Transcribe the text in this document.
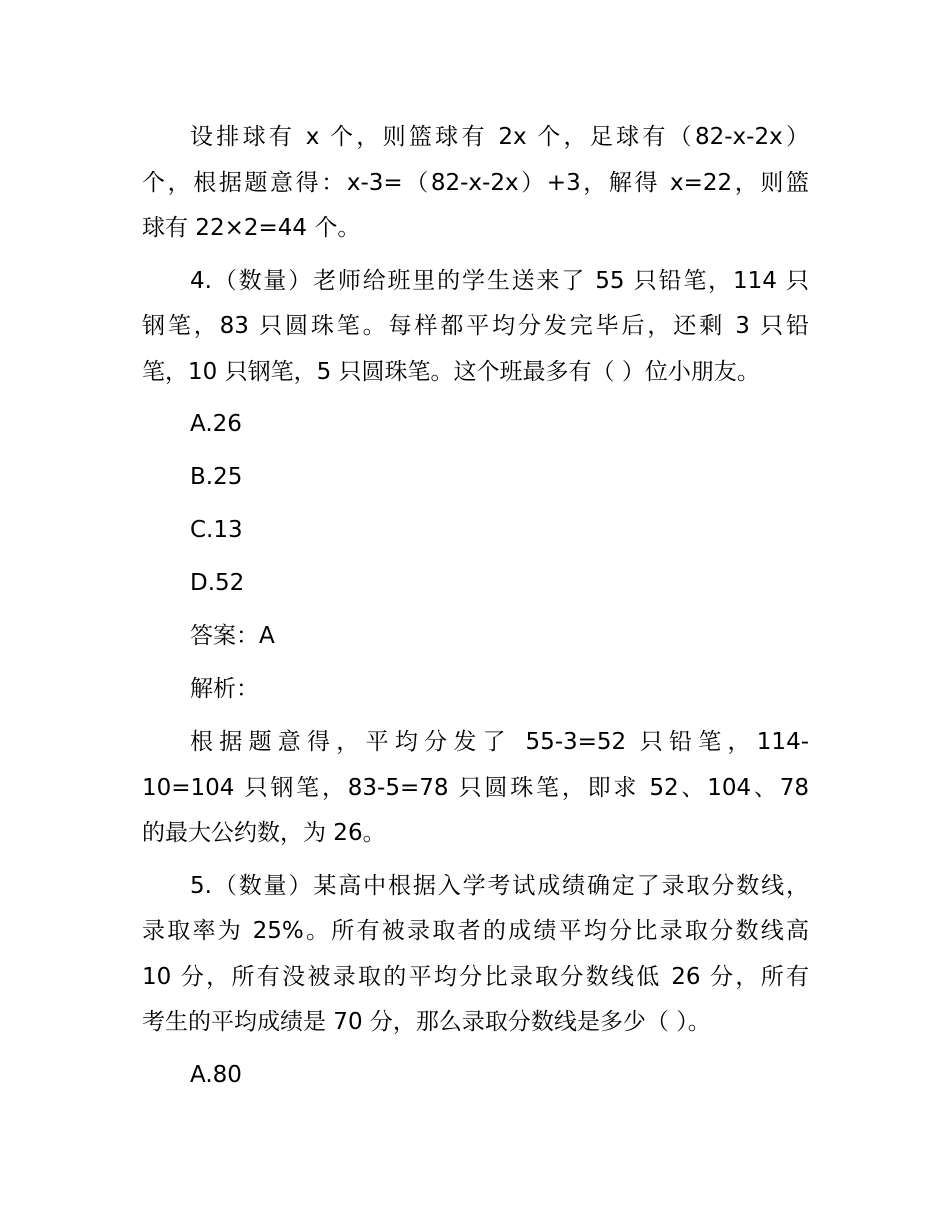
设排球有 x 个，则篮球有 2x 个，足球有（82-x-2x）
个，根据题意得：x-3=（82-x-2x）+3，解得 x=22，则篮
球有 22×2=44 个。
4.（数量）老师给班里的学生送来了 55 只铅笔，114 只
钢笔，83 只圆珠笔。每样都平均分发完毕后，还剩 3 只铅
笔，10 只钢笔，5 只圆珠笔。这个班最多有（ ）位小朋友。
A.26
B.25
C.13
D.52
答案：A
解析：
根据题意得，平均分发了 55-3=52 只铅笔，114-
10=104 只钢笔，83-5=78 只圆珠笔，即求 52、104、78
的最大公约数，为 26。
5.（数量）某高中根据入学考试成绩确定了录取分数线，
录取率为 25%。所有被录取者的成绩平均分比录取分数线高
10 分，所有没被录取的平均分比录取分数线低 26 分，所有
考生的平均成绩是 70 分，那么录取分数线是多少（ ）。
A.80
